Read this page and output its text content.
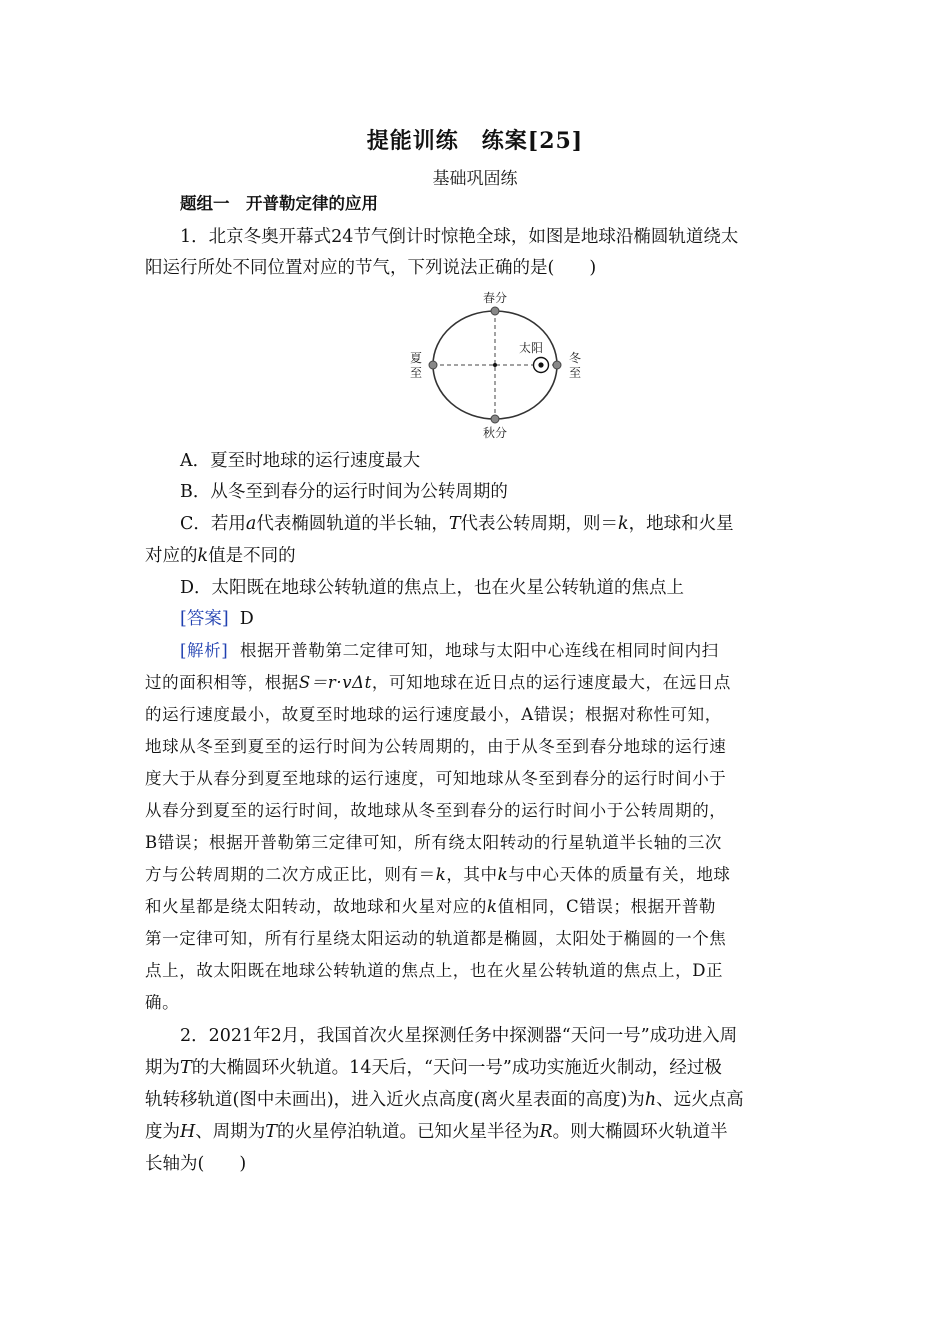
提能训练　练案[25]
基础巩固练
题组一　开普勒定律的应用
1．北京冬奥开幕式24节气倒计时惊艳全球，如图是地球沿椭圆轨道绕太
阳运行所处不同位置对应的节气，下列说法正确的是(　　)
春分
秋分
夏
至
冬
至
太阳
A．夏至时地球的运行速度最大
B．从冬至到春分的运行时间为公转周期的
C．若用a代表椭圆轨道的半长轴，T代表公转周期，则＝k，地球和火星
对应的k值是不同的
D．太阳既在地球公转轨道的焦点上，也在火星公转轨道的焦点上
[答案] D
[解析] 根据开普勒第二定律可知，地球与太阳中心连线在相同时间内扫
过的面积相等，根据S＝r·vΔt，可知地球在近日点的运行速度最大，在远日点
的运行速度最小，故夏至时地球的运行速度最小，A错误；根据对称性可知，
地球从冬至到夏至的运行时间为公转周期的，由于从冬至到春分地球的运行速
度大于从春分到夏至地球的运行速度，可知地球从冬至到春分的运行时间小于
从春分到夏至的运行时间，故地球从冬至到春分的运行时间小于公转周期的，
B错误；根据开普勒第三定律可知，所有绕太阳转动的行星轨道半长轴的三次
方与公转周期的二次方成正比，则有＝k，其中k与中心天体的质量有关，地球
和火星都是绕太阳转动，故地球和火星对应的k值相同，C错误；根据开普勒
第一定律可知，所有行星绕太阳运动的轨道都是椭圆，太阳处于椭圆的一个焦
点上，故太阳既在地球公转轨道的焦点上，也在火星公转轨道的焦点上，D正
确。
2．2021年2月，我国首次火星探测任务中探测器“天问一号”成功进入周
期为T的大椭圆环火轨道。14天后，“天问一号”成功实施近火制动，经过极
轨转移轨道(图中未画出)，进入近火点高度(离火星表面的高度)为h、远火点高
度为H、周期为T的火星停泊轨道。已知火星半径为R。则大椭圆环火轨道半
长轴为(　　)
